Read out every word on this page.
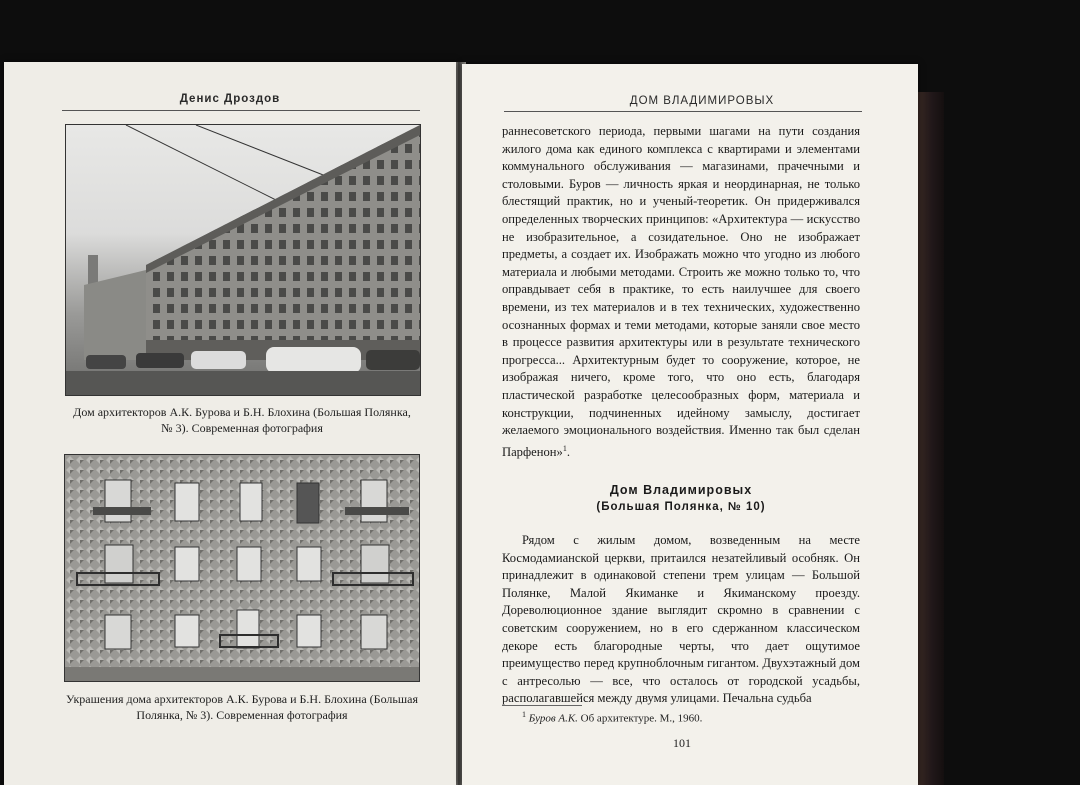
Денис Дроздов
Дом архитекторов А.К. Бурова и Б.Н. Блохина (Большая Полянка, № 3). Современная фотография
Украшения дома архитекторов А.К. Бурова и Б.Н. Блохина (Большая Полянка, № 3). Современная фотография
ДОМ ВЛАДИМИРОВЫХ
раннесоветского периода, первыми шагами на пути создания жилого дома как единого комплекса с квартирами и элементами коммунального обслуживания — магазинами, прачечными и столовыми. Буров — личность яркая и неординарная, не только блестящий практик, но и ученый-теоретик. Он придерживался определенных творческих принципов: «Архитектура — искусство не изобразительное, а созидательное. Оно не изображает предметы, а создает их. Изображать можно что угодно из любого материала и любыми методами. Строить же можно только то, что оправдывает себя в практике, то есть наилучшее для своего времени, из тех материалов и в тех технических, художественно осознанных формах и теми методами, которые заняли свое место в процессе развития архитектуры или в результате технического прогресса... Архитектурным будет то сооружение, которое, не изображая ничего, кроме того, что оно есть, благодаря пластической разработке целесообразных форм, материала и конструкции, подчиненных идейному замыслу, достигает желаемого эмоционального воздействия. Именно так был сделан Парфенон»$^1$.
Дом Владимировых
(Большая Полянка, № 10)
Рядом с жилым домом, возведенным на месте Космодамианской церкви, притаился незатейливый особняк. Он принадлежит в одинаковой степени трем улицам — Большой Полянке, Малой Якиманке и Якиманскому проезду. Дореволюционное здание выглядит скромно в сравнении с советским сооружением, но в его сдержанном классическом декоре есть благородные черты, что дает ощутимое преимущество перед крупноблочным гигантом. Двухэтажный дом с антресолью — все, что осталось от городской усадьбы, располагавшейся между двумя улицами. Печальна судьба
$^1$ Буров А.К. Об архитектуре. М., 1960.
101
